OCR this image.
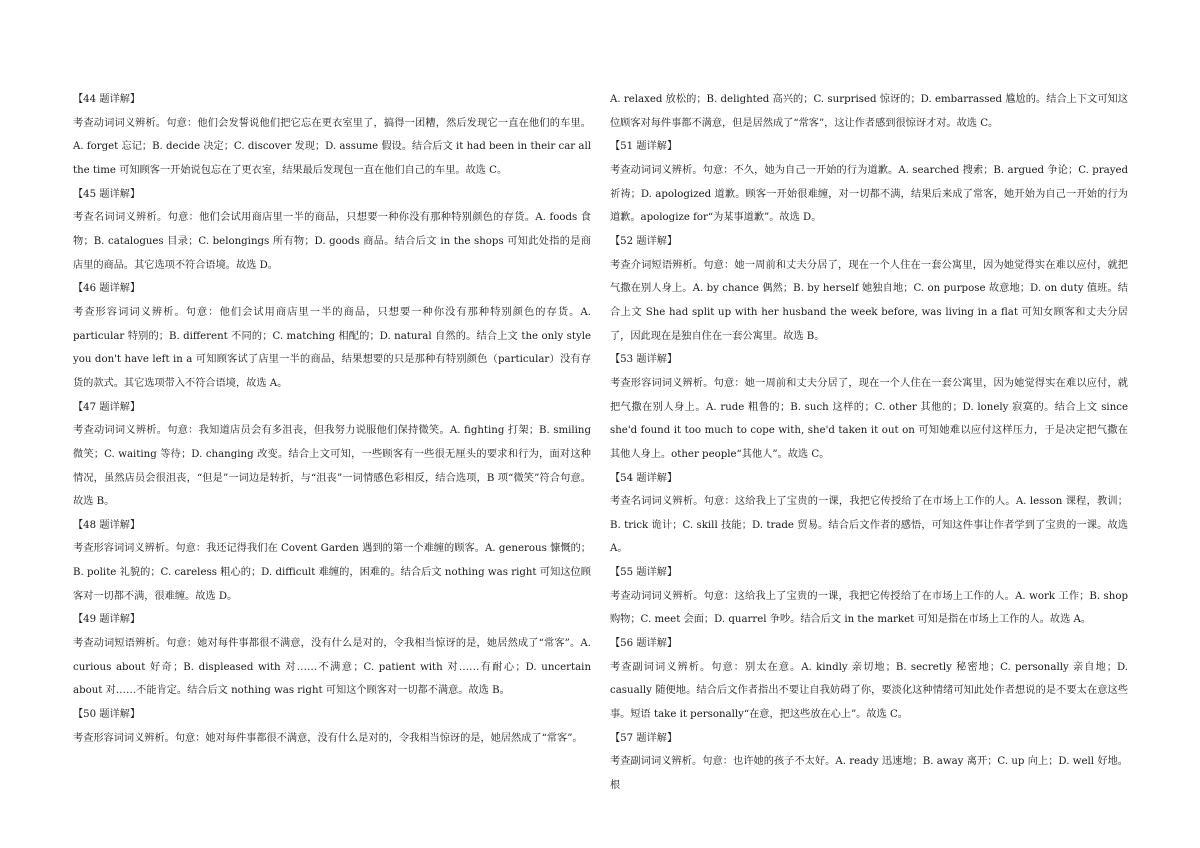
【44 题详解】

考查动词词义辨析。句意：他们会发誓说他们把它忘在更衣室里了，搞得一团糟，然后发现它一直在他们的车里。A. forget 忘记；B. decide 决定；C. discover 发现；D. assume 假设。结合后文 it had been in their car all the time 可知顾客一开始说包忘在了更衣室，结果最后发现包一直在他们自己的车里。故选 C。

【45 题详解】

考查名词词义辨析。句意：他们会试用商店里一半的商品，只想要一种你没有那种特别颜色的存货。A. foods 食物；B. catalogues 目录；C. belongings 所有物；D. goods 商品。结合后文 in the shops 可知此处指的是商店里的商品。其它选项不符合语境。故选 D。

【46 题详解】

考查形容词词义辨析。句意：他们会试用商店里一半的商品，只想要一种你没有那种特别颜色的存货。A. particular 特别的；B. different 不同的；C. matching 相配的；D. natural 自然的。结合上文 the only style you don't have left in a 可知顾客试了店里一半的商品，结果想要的只是那种有特别颜色（particular）没有存货的款式。其它选项带入不符合语境，故选 A。

【47 题详解】

考查动词词义辨析。句意：我知道店员会有多沮丧，但我努力说服他们保持微笑。A. fighting 打架；B. smiling 微笑；C. waiting 等待；D. changing 改变。结合上文可知，一些顾客有一些很无厘头的要求和行为，面对这种情况，虽然店员会很沮丧，“但是”一词边是转折，与“沮丧”一词情感色彩相反，结合选项，B 项“微笑”符合句意。故选 B。

【48 题详解】

考查形容词词义辨析。句意：我还记得我们在 Covent Garden 遇到的第一个难缠的顾客。A. generous 慷慨的；B. polite 礼貌的；C. careless 粗心的；D. difficult 难缠的，困难的。结合后文 nothing was right 可知这位顾客对一切都不满，很难缠。故选 D。

【49 题详解】

考查动词短语辨析。句意：她对每件事都很不满意，没有什么是对的，令我相当惊讶的是，她居然成了“常客”。A. curious about 好奇；B. displeased with 对……不满意；C. patient with 对……有耐心；D. uncertain about 对……不能肯定。结合后文 nothing was right 可知这个顾客对一切都不满意。故选 B。

【50 题详解】

考查形容词词义辨析。句意：她对每件事都很不满意，没有什么是对的，令我相当惊讶的是，她居然成了“常客”。

A. relaxed 放松的；B. delighted 高兴的；C. surprised 惊讶的；D. embarrassed 尴尬的。结合上下文可知这位顾客对每件事都不满意，但是居然成了“常客”，这让作者感到很惊讶才对。故选 C。

【51 题详解】

考查动词词义辨析。句意：不久，她为自己一开始的行为道歉。A. searched 搜索；B. argued 争论；C. prayed 祈祷；D. apologized 道歉。顾客一开始很难缠，对一切都不满，结果后来成了常客，她开始为自己一开始的行为道歉。apologize for“为某事道歉”。故选 D。

【52 题详解】

考查介词短语辨析。句意：她一周前和丈夫分居了，现在一个人住在一套公寓里，因为她觉得实在难以应付，就把气撒在别人身上。A. by chance 偶然；B. by herself 她独自地；C. on purpose 故意地；D. on duty 值班。结合上文 She had split up with her husband the week before, was living in a flat 可知女顾客和丈夫分居了，因此现在是独自住在一套公寓里。故选 B。

【53 题详解】

考查形容词词义辨析。句意：她一周前和丈夫分居了，现在一个人住在一套公寓里，因为她觉得实在难以应付，就把气撒在别人身上。A. rude 粗鲁的；B. such 这样的；C. other 其他的；D. lonely 寂寞的。结合上文 since she'd found it too much to cope with, she'd taken it out on 可知她难以应付这样压力，于是决定把气撒在其他人身上。other people“其他人”。故选 C。

【54 题详解】

考查名词词义辨析。句意：这给我上了宝贵的一课，我把它传授给了在市场上工作的人。A. lesson 课程，教训；B. trick 诡计；C. skill 技能；D. trade 贸易。结合后文作者的感悟，可知这件事让作者学到了宝贵的一课。故选 A。

【55 题详解】

考查动词词义辨析。句意：这给我上了宝贵的一课，我把它传授给了在市场上工作的人。A. work 工作；B. shop 购物；C. meet 会面；D. quarrel 争吵。结合后文 in the market 可知是指在市场上工作的人。故选 A。

【56 题详解】

考查副词词义辨析。句意：别太在意。A. kindly 亲切地；B. secretly 秘密地；C. personally 亲自地；D. casually 随便地。结合后文作者指出不要让自我妨碍了你，要淡化这种情绪可知此处作者想说的是不要太在意这些事。短语 take it personally“在意，把这些放在心上”。故选 C。

【57 题详解】

考查副词词义辨析。句意：也许她的孩子不太好。A. ready 迅速地；B. away 离开；C. up 向上；D. well 好地。根
